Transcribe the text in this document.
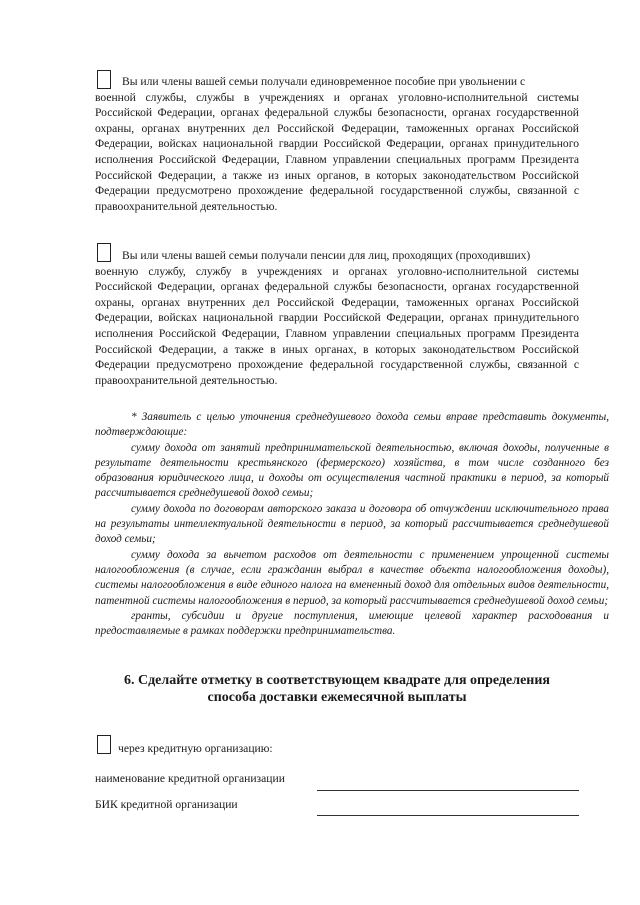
Вы или члены вашей семьи получали единовременное пособие при увольнении с
военной службы, службы в учреждениях и органах уголовно-исполнительной системы Российской Федерации, органах федеральной службы безопасности, органах государственной охраны, органах внутренних дел Российской Федерации, таможенных органах Российской Федерации, войсках национальной гвардии Российской Федерации, органах принудительного исполнения Российской Федерации, Главном управлении специальных программ Президента Российской Федерации, а также из иных органов, в которых законодательством Российской Федерации предусмотрено прохождение федеральной государственной службы, связанной с правоохранительной деятельностью.
Вы или члены вашей семьи получали пенсии для лиц, проходящих (проходивших)
военную службу, службу в учреждениях и органах уголовно-исполнительной системы Российской Федерации, органах федеральной службы безопасности, органах государственной охраны, органах внутренних дел Российской Федерации, таможенных органах Российской Федерации, войсках национальной гвардии Российской Федерации, органах принудительного исполнения Российской Федерации, Главном управлении специальных программ Президента Российской Федерации, а также в иных органах, в которых законодательством Российской Федерации предусмотрено прохождение федеральной государственной службы, связанной с правоохранительной деятельностью.

* Заявитель с целью уточнения среднедушевого дохода семьи вправе представить документы, подтверждающие:

сумму дохода от занятий предпринимательской деятельностью, включая доходы, полученные в результате деятельности крестьянского (фермерского) хозяйства, в том числе созданного без образования юридического лица, и доходы от осуществления частной практики в период, за который рассчитывается среднедушевой доход семьи;

сумму дохода по договорам авторского заказа и договора об отчуждении исключительного права на результаты интеллектуальной деятельности в период, за который рассчитывается среднедушевой доход семьи;

сумму дохода за вычетом расходов от деятельности с применением упрощенной системы налогообложения (в случае, если гражданин выбрал в качестве объекта налогообложения доходы), системы налогообложения в виде единого налога на вмененный доход для отдельных видов деятельности, патентной системы налогообложения в период, за который рассчитывается среднедушевой доход семьи;

гранты, субсидии и другие поступления, имеющие целевой характер расходования и предоставляемые в рамках поддержки предпринимательства.

6. Сделайте отметку в соответствующем квадрате для определения
способа доставки ежемесячной выплаты
через кредитную организацию:
наименование кредитной организации
БИК кредитной организации
